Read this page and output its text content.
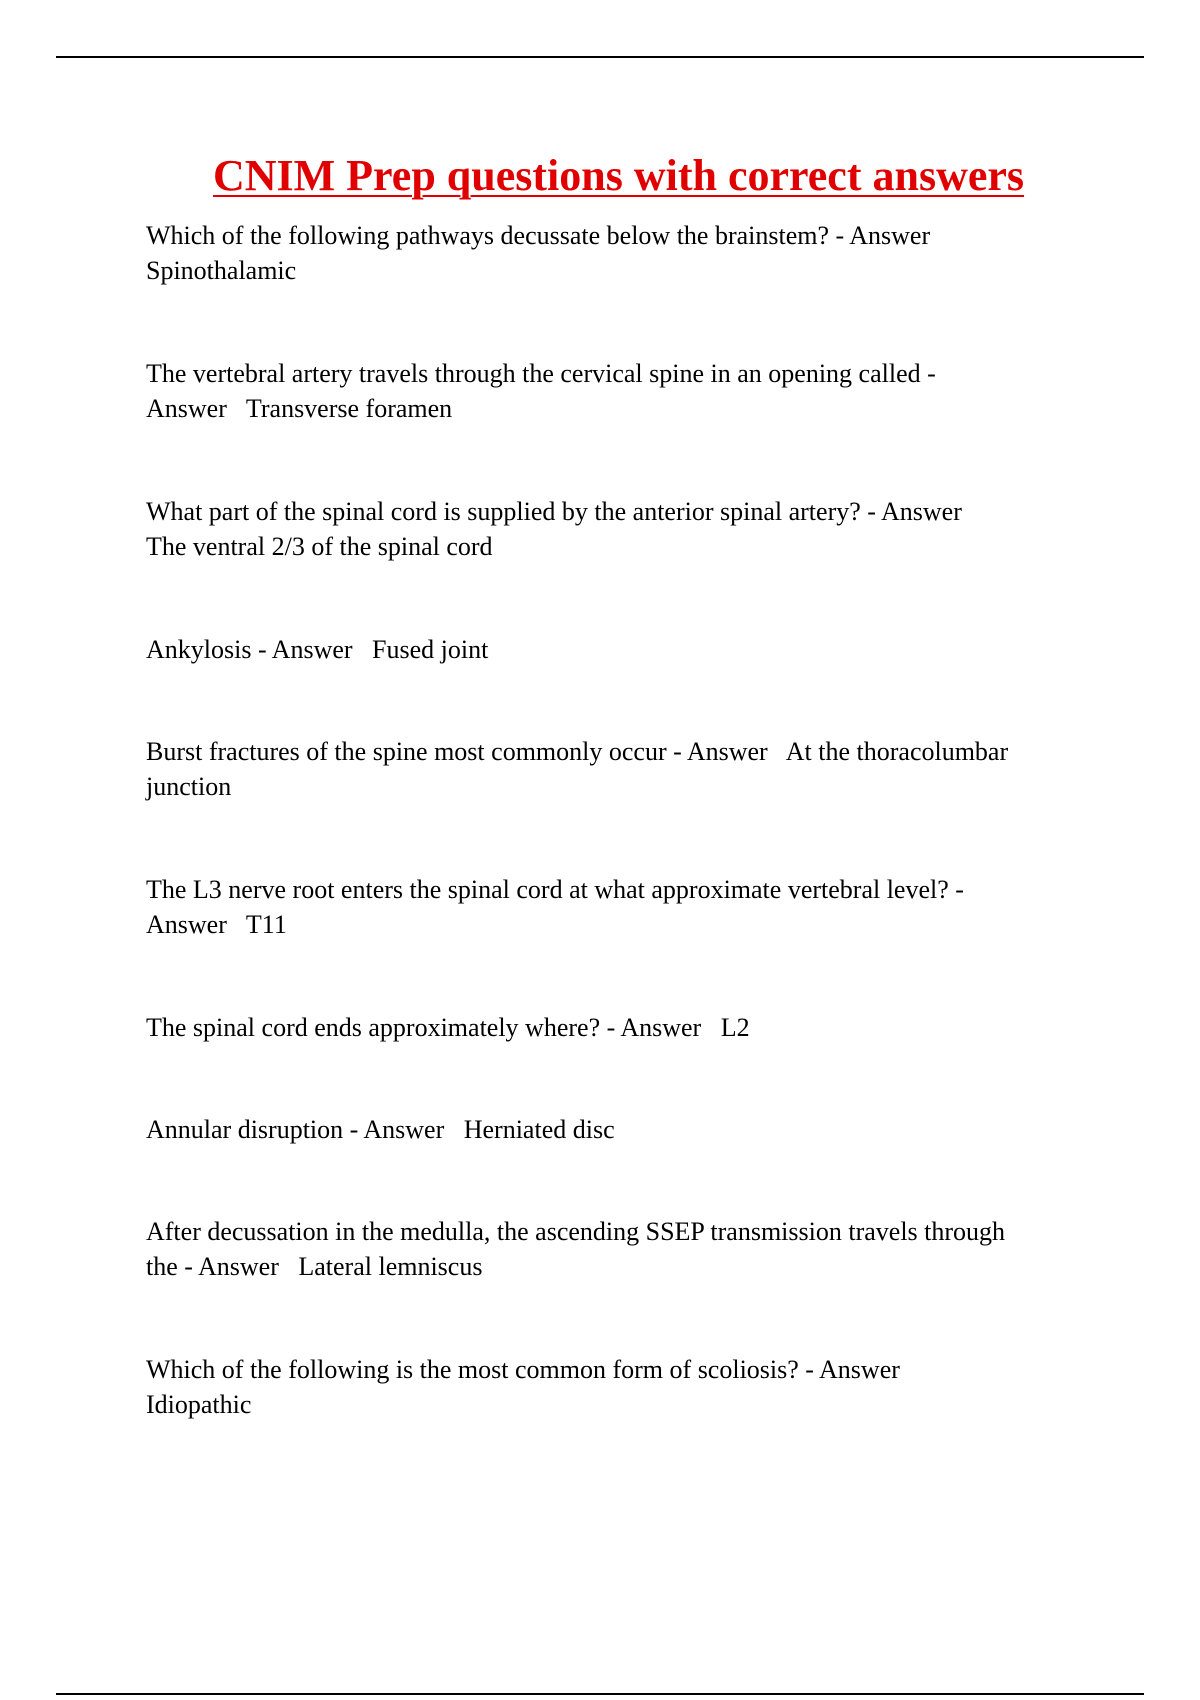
CNIM Prep questions with correct answers

Which of the following pathways decussate below the brainstem? - Answer
Spinothalamic

The vertebral artery travels through the cervical spine in an opening called -
Answer   Transverse foramen

What part of the spinal cord is supplied by the anterior spinal artery? - Answer
The ventral 2/3 of the spinal cord

Ankylosis - Answer   Fused joint

Burst fractures of the spine most commonly occur - Answer   At the thoracolumbar
junction

The L3 nerve root enters the spinal cord at what approximate vertebral level? -
Answer   T11

The spinal cord ends approximately where? - Answer   L2

Annular disruption - Answer   Herniated disc

After decussation in the medulla, the ascending SSEP transmission travels through
the - Answer   Lateral lemniscus

Which of the following is the most common form of scoliosis? - Answer
Idiopathic
